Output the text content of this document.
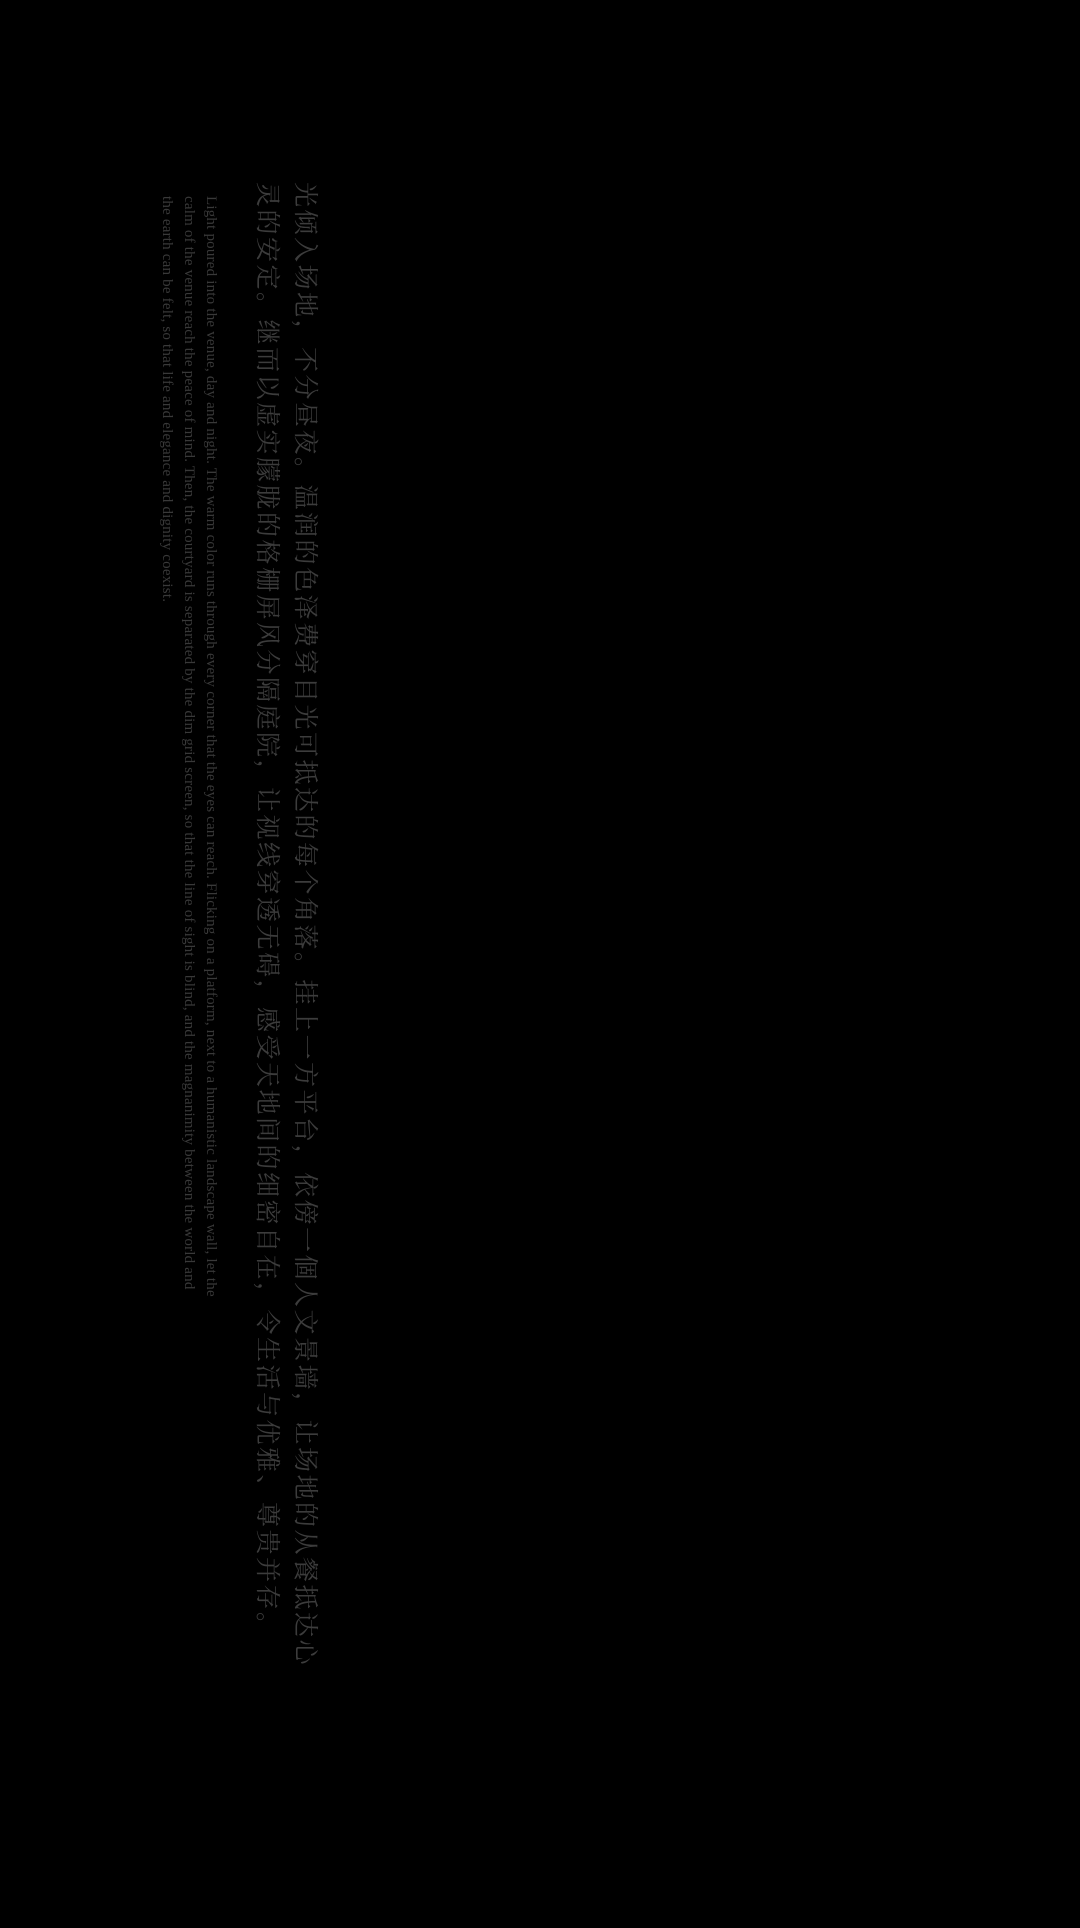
光倾入场地，不分昼夜。温润的色泽费穿目光可抵达的每个角落。挂上一方平台，依傍一個人文景墙，让场地的从餐抵达心
灵的安定。继而以虚实朦胧的格栅屏风分隔庭院，让视线穿透无碍，感受天地间的细密自在，令生活与优雅、尊贵并存。
Light poured into the venue, day and night. The warm color runs through every corner that the eyes can reach. Flicking on a platform, next to a humanistic landscape wall, let the
calm of the venue reach the peace of mind. Then, the courtyard is separated by the dim grid screen, so that the line of sight is blind, and the magnanimity between the world and
the earth can be felt, so that life and elegance and dignity coexist.
